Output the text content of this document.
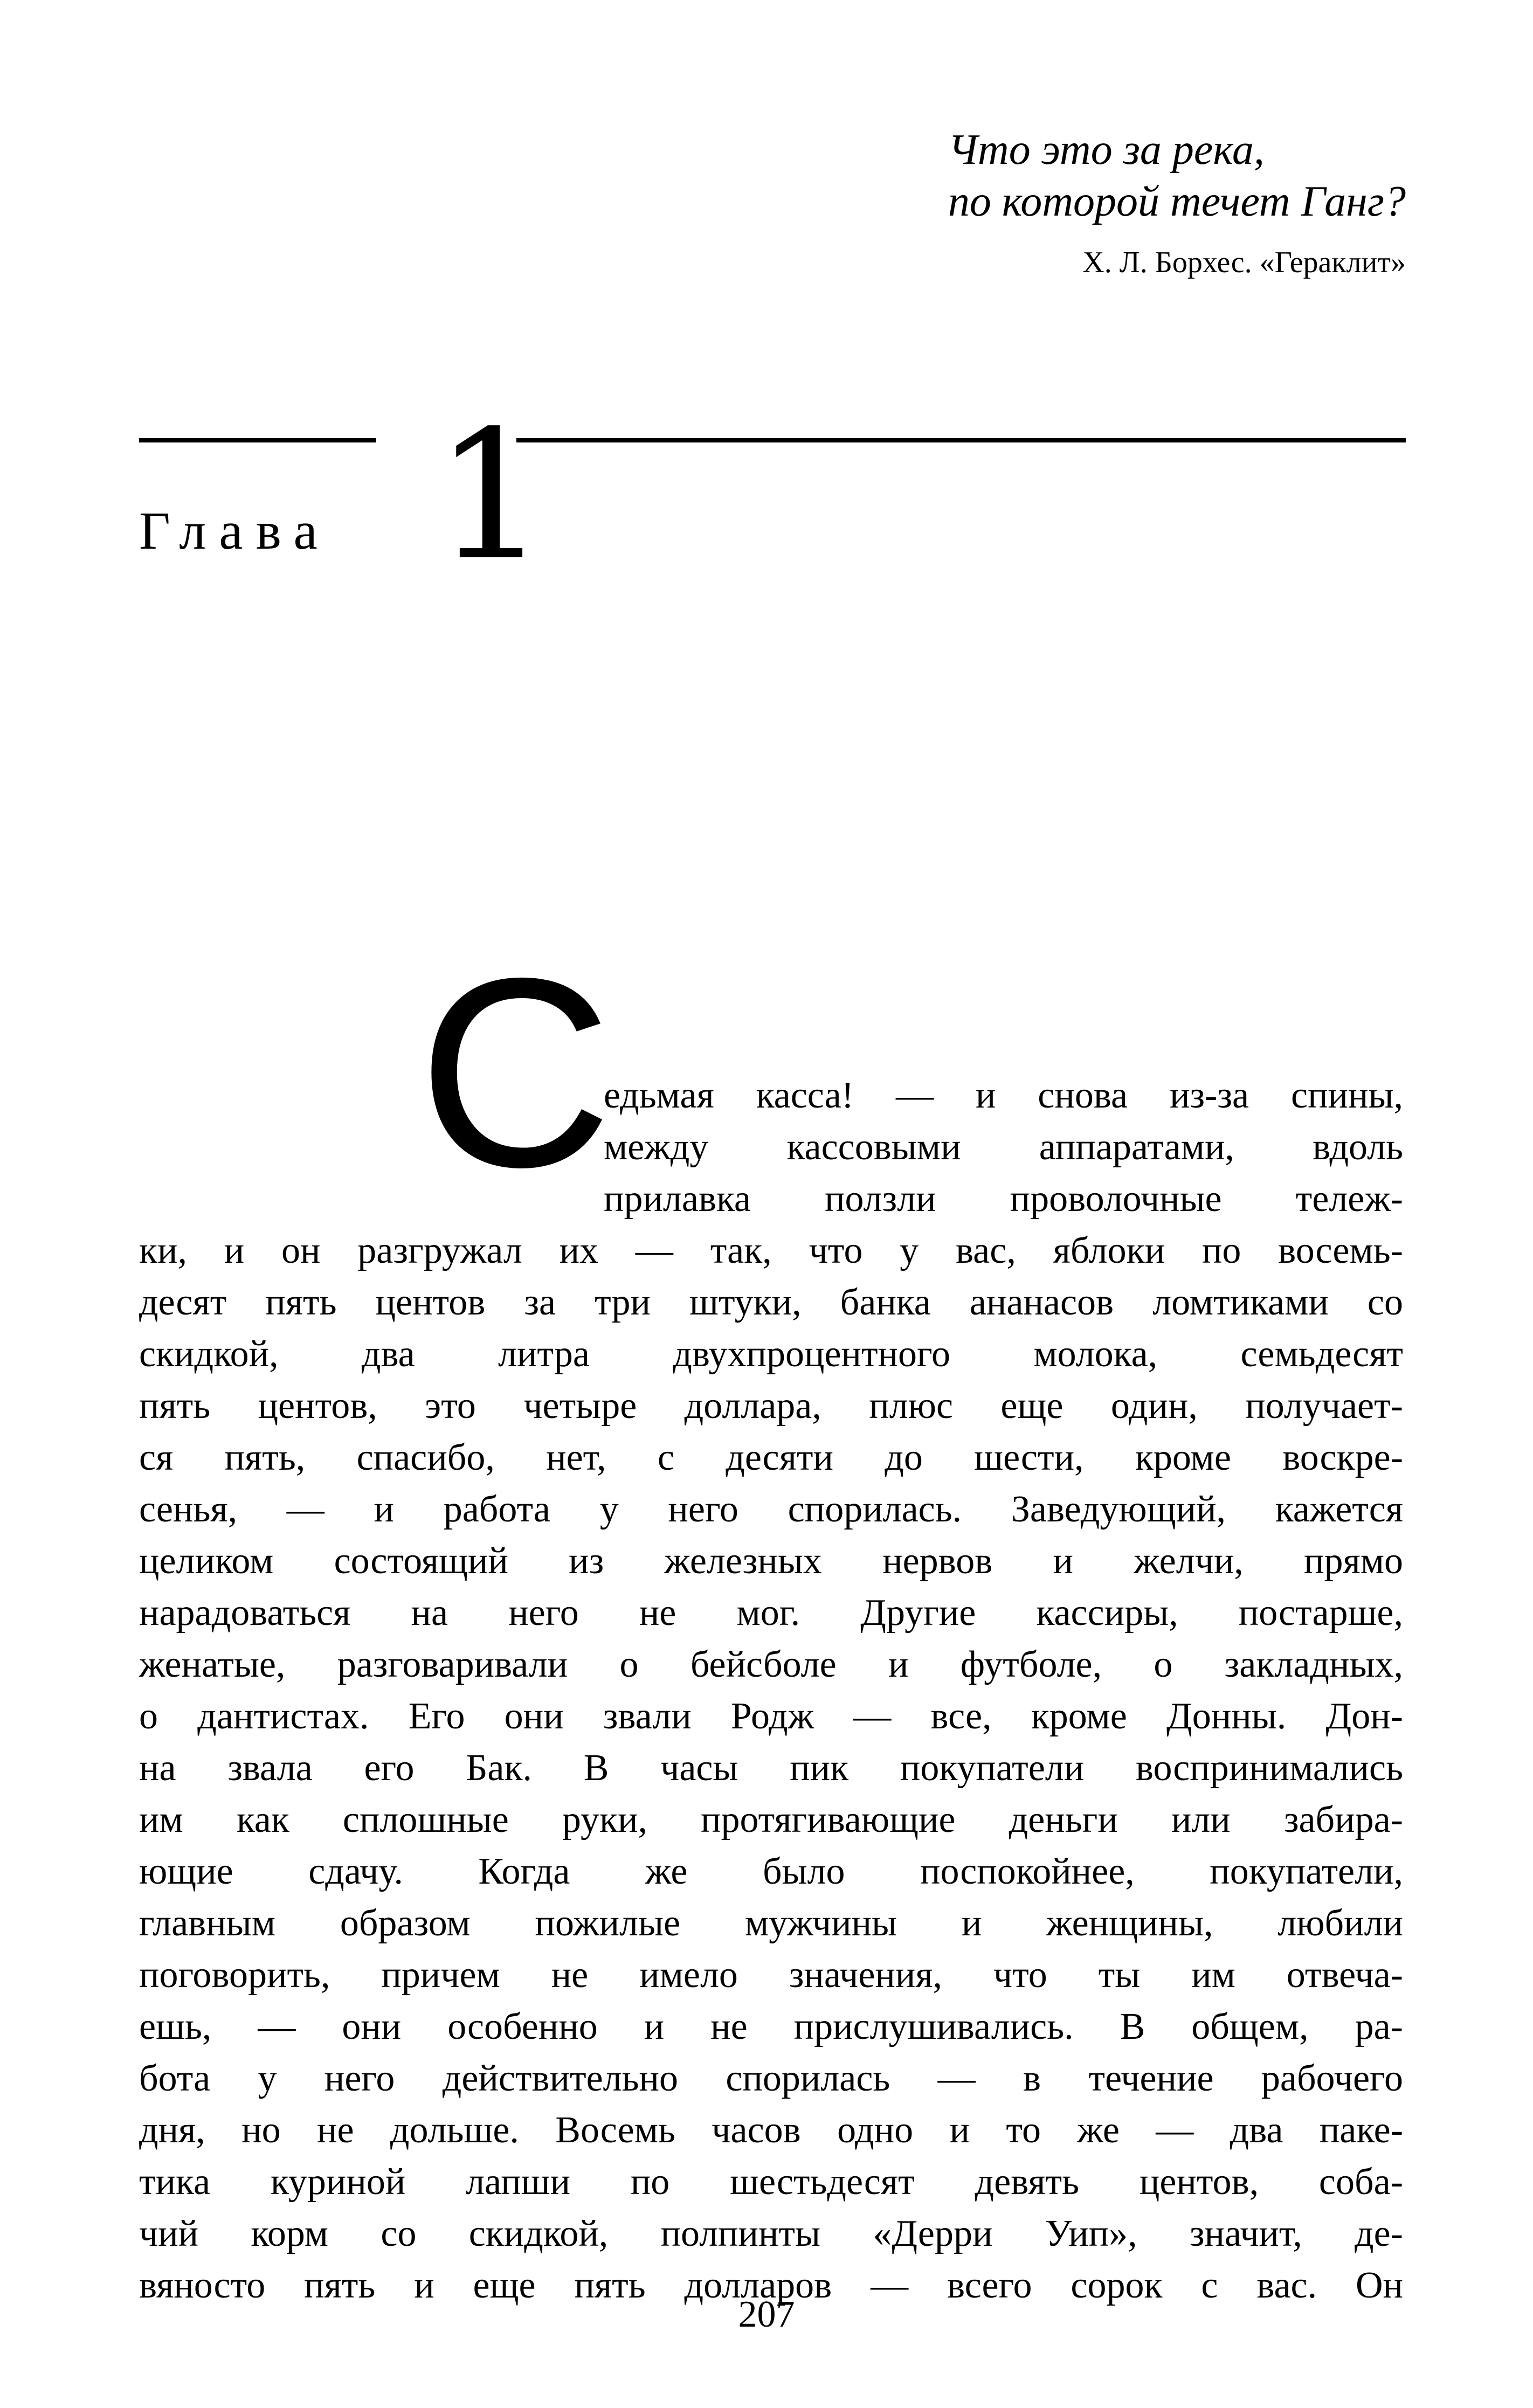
Что это за река,
по которой течет Ганг?
Х. Л. Борхес. «Гераклит»
Глава 1
С
едьмая касса! — и снова из-за спины,
между кассовыми аппаратами, вдоль
прилавка ползли проволочные тележ-
ки, и он разгружал их — так, что у вас, яблоки по восемь-
десят пять центов за три штуки, банка ананасов ломтиками со
скидкой, два литра двухпроцентного молока, семьдесят
пять центов, это четыре доллара, плюс еще один, получает-
ся пять, спасибо, нет, с десяти до шести, кроме воскре-
сенья, — и работа у него спорилась. Заведующий, кажется
целиком состоящий из железных нервов и желчи, прямо
нарадоваться на него не мог. Другие кассиры, постарше,
женатые, разговаривали о бейсболе и футболе, о закладных,
о дантистах. Его они звали Родж — все, кроме Донны. Дон-
на звала его Бак. В часы пик покупатели воспринимались
им как сплошные руки, протягивающие деньги или забира-
ющие сдачу. Когда же было поспокойнее, покупатели,
главным образом пожилые мужчины и женщины, любили
поговорить, причем не имело значения, что ты им отвеча-
ешь, — они особенно и не прислушивались. В общем, ра-
бота у него действительно спорилась — в течение рабочего
дня, но не дольше. Восемь часов одно и то же — два паке-
тика куриной лапши по шестьдесят девять центов, соба-
чий корм со скидкой, полпинты «Дерри Уип», значит, де-
вяносто пять и еще пять долларов — всего сорок с вас. Он
207
